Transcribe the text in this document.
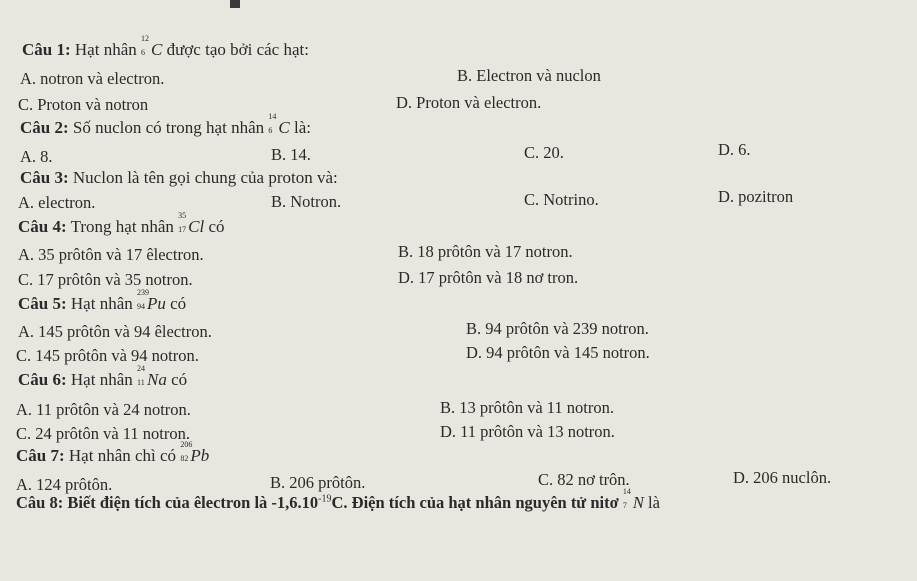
Câu 1: Hạt nhân
12
6 C được tạo bởi các hạt:
A. notron và electron.	B. Electron và nuclon
C. Proton và notron	D. Proton và electron.
Câu 2: Số nuclon có trong hạt nhân
14
6 C là:
A. 8.	B. 14.	C. 20.	D. 6.
Câu 3: Nuclon là tên gọi chung của proton và:
A. electron.	B. Notron.	C. Notrino.	D. pozitron
Câu 4: Trong hạt nhân
35
17 Cl có
A. 35 prôtôn và 17 êlectron.	B. 18 prôtôn và 17 notron.
C. 17 prôtôn và 35 notron.	D. 17 prôtôn và 18 nơ tron.
Câu 5: Hạt nhân
239
94 Pu có
A. 145 prôtôn và 94 êlectron.	B. 94 prôtôn và 239 notron.
C. 145 prôtôn và 94 notron.	D. 94 prôtôn và 145 notron.
Câu 6: Hạt nhân
24
11 Na có
A. 11 prôtôn và 24 notron.	B. 13 prôtôn và 11 notron.
C. 24 prôtôn và 11 notron.	D. 11 prôtôn và 13 notron.
Câu 7: Hạt nhân chì có
206
82 Pb
A. 124 prôtôn.	B. 206 prôtôn.	C. 82 nơ trôn.	D. 206 nuclôn.
Câu 8: Biết điện tích của êlectron là $-1,6.10^{-19}C$. Điện tích của hạt nhân nguyên tử nitơ
14
7 N là
